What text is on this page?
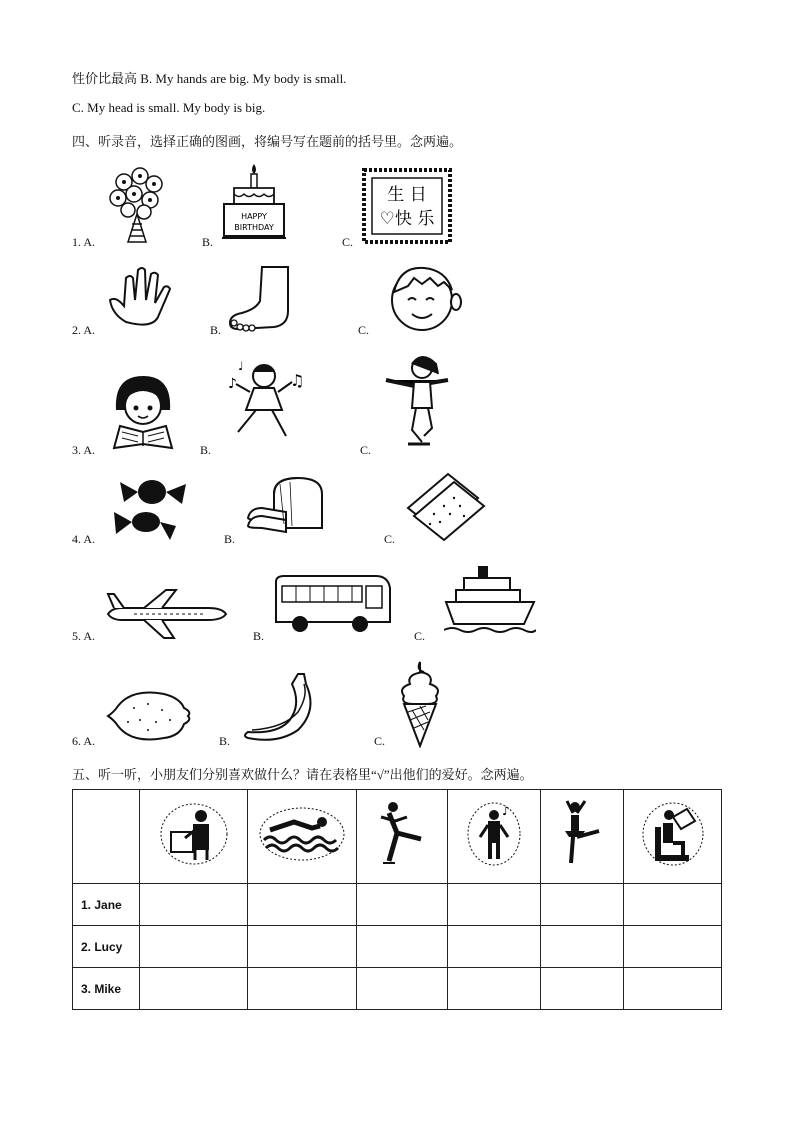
性价比最高 B. My hands are big. My body is small.
C. My head is small. My body is big.
四、听录音，选择正确的图画，将编号写在题前的括号里。念两遍。
1. A.	B.	C.
2. A.	B.	C.
3. A.	B.	C.
4. A.	B.	C.
5. A.	B.	C.
6. A.	B.	C.
HAPPY
BIRTHDAY
生 日
♡快 乐
♪
♩
♫
五、听一听，小朋友们分别喜欢做什么？请在表格里“√”出他们的爱好。念两遍。

♪

1. Jane						
2. Lucy						
3. Mike						
